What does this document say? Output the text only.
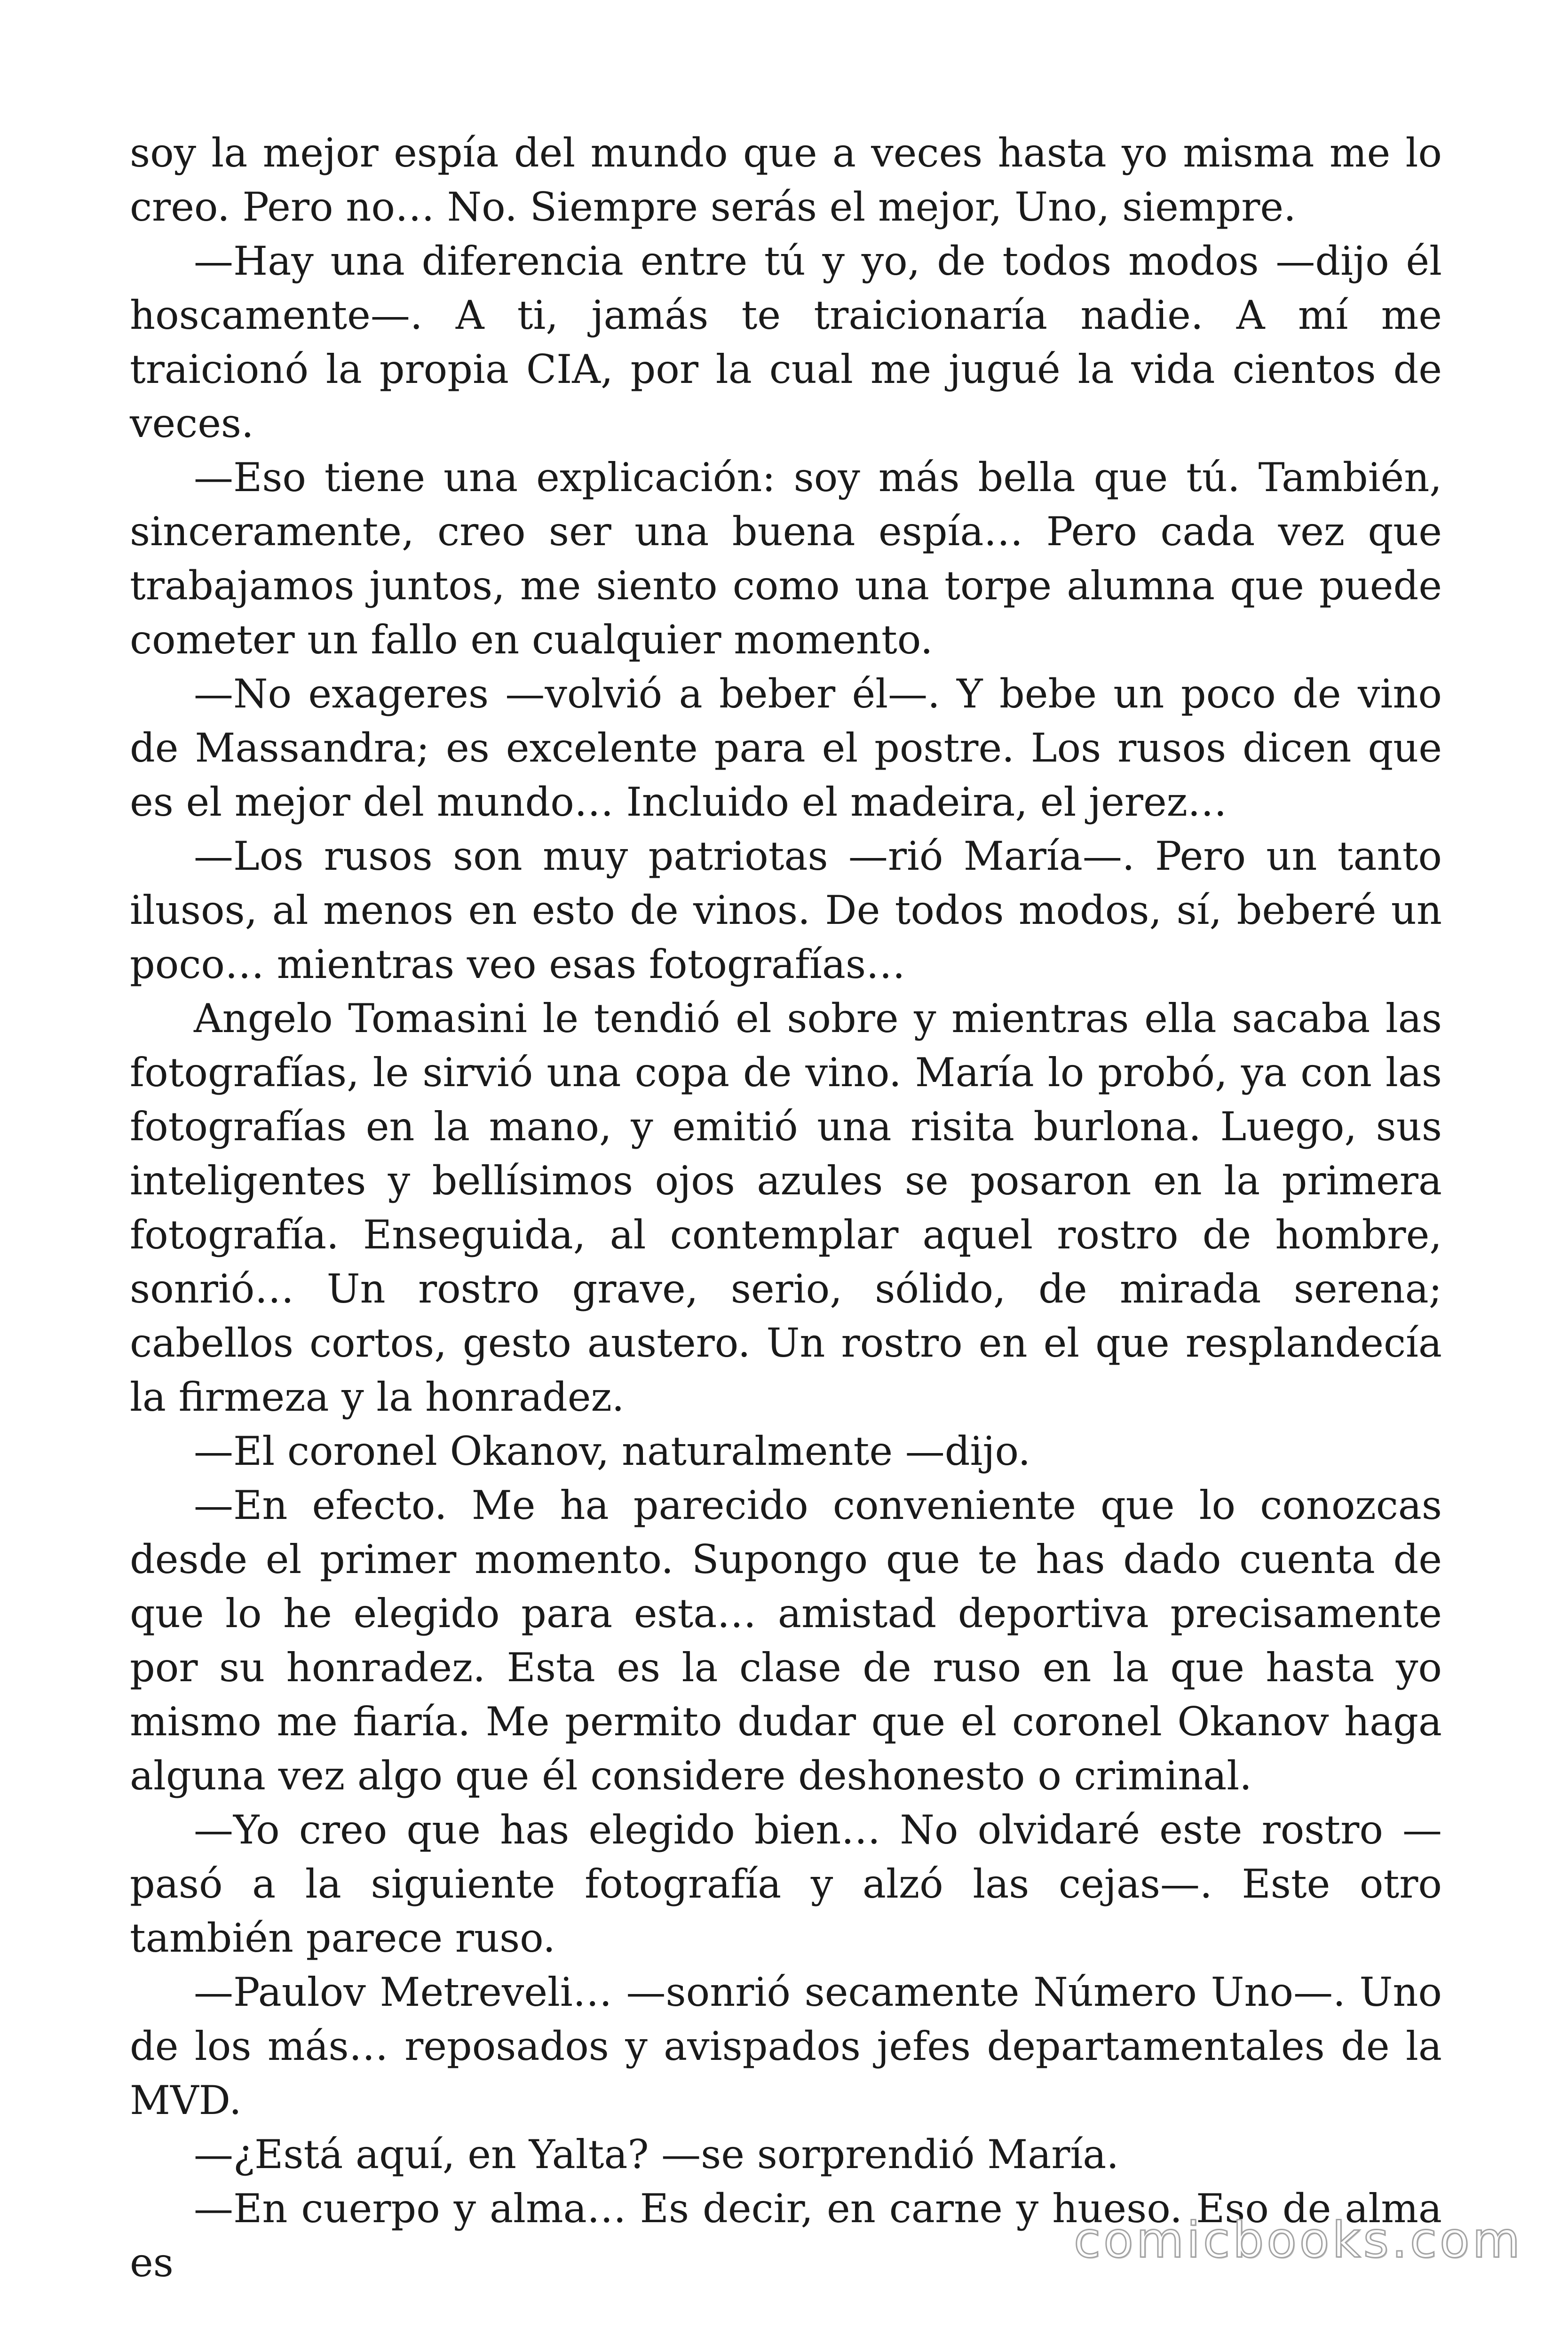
soy la mejor espía del mundo que a veces hasta yo misma me lo creo. Pero no… No. Siempre serás el mejor, Uno, siempre.

—Hay una diferencia entre tú y yo, de todos modos —dijo él hoscamente—. A ti, jamás te traicionaría nadie. A mí me traicionó la propia CIA, por la cual me jugué la vida cientos de veces.

—Eso tiene una explicación: soy más bella que tú. También, sinceramente, creo ser una buena espía… Pero cada vez que trabajamos juntos, me siento como una torpe alumna que puede cometer un fallo en cualquier momento.

—No exageres —volvió a beber él—. Y bebe un poco de vino de Massandra; es excelente para el postre. Los rusos dicen que es el mejor del mundo… Incluido el madeira, el jerez…

—Los rusos son muy patriotas —rió María—. Pero un tanto ilusos, al menos en esto de vinos. De todos modos, sí, beberé un poco… mientras veo esas fotografías…

Angelo Tomasini le tendió el sobre y mientras ella sacaba las fotografías, le sirvió una copa de vino. María lo probó, ya con las fotografías en la mano, y emitió una risita burlona. Luego, sus inteligentes y bellísimos ojos azules se posaron en la primera fotografía. Enseguida, al contemplar aquel rostro de hombre, sonrió… Un rostro grave, serio, sólido, de mirada serena; cabellos cortos, gesto austero. Un rostro en el que resplandecía la firmeza y la honradez.

—El coronel Okanov, naturalmente —dijo.

—En efecto. Me ha parecido conveniente que lo conozcas desde el primer momento. Supongo que te has dado cuenta de que lo he elegido para esta… amistad deportiva precisamente por su honradez. Esta es la clase de ruso en la que hasta yo mismo me fiaría. Me permito dudar que el coronel Okanov haga alguna vez algo que él considere deshonesto o criminal.

—Yo creo que has elegido bien… No olvidaré este rostro —pasó a la siguiente fotografía y alzó las cejas—. Este otro también parece ruso.

—Paulov Metreveli… —sonrió secamente Número Uno—. Uno de los más… reposados y avispados jefes departamentales de la MVD.

—¿Está aquí, en Yalta? —se sorprendió María.

—En cuerpo y alma… Es decir, en carne y hueso. Eso de alma es	comicbooks.com
